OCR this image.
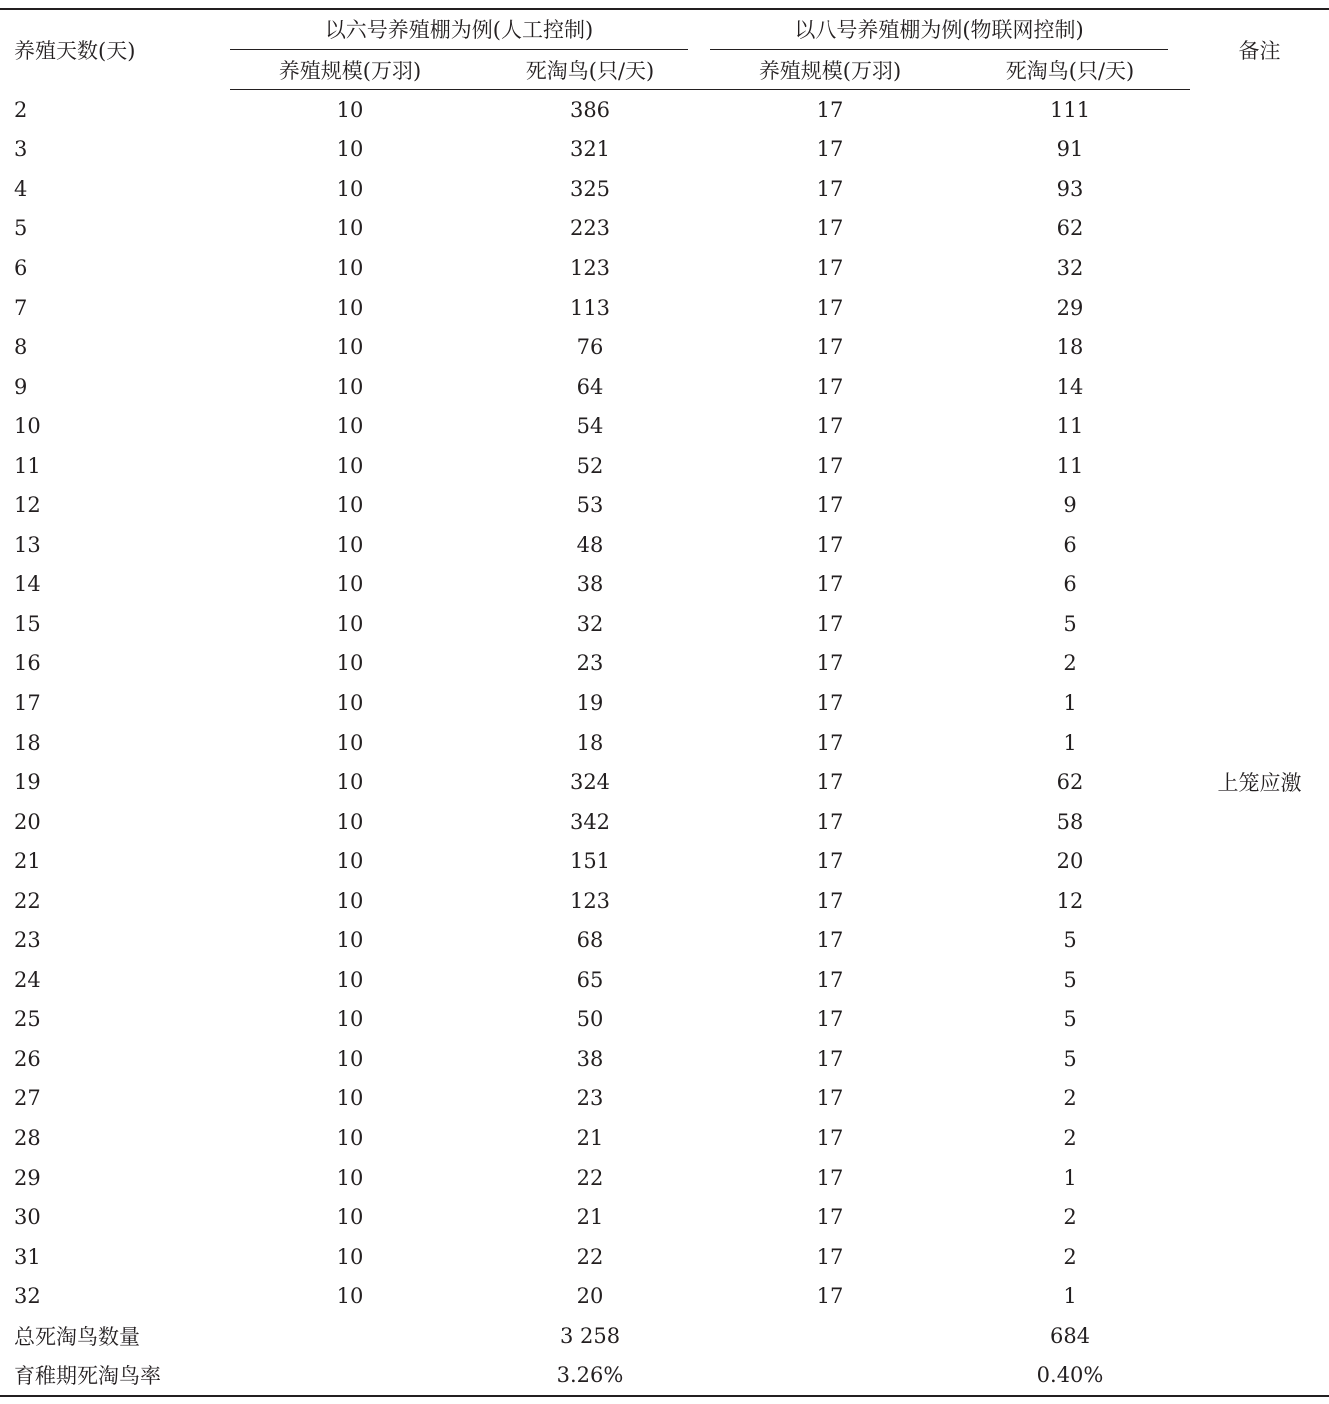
养殖天数(天)	以六号养殖棚为例(人工控制)		以八号养殖棚为例(物联网控制)		备注
	养殖规模(万羽)	死淘鸟(只/天)	养殖规模(万羽)	死淘鸟(只/天)	
2	10	386	17	111	
3	10	321	17	91	
4	10	325	17	93	
5	10	223	17	62	
6	10	123	17	32	
7	10	113	17	29	
8	10	76	17	18	
9	10	64	17	14	
10	10	54	17	11	
11	10	52	17	11	
12	10	53	17	9	
13	10	48	17	6	
14	10	38	17	6	
15	10	32	17	5	
16	10	23	17	2	
17	10	19	17	1	
18	10	18	17	1	
19	10	324	17	62	上笼应激
20	10	342	17	58	
21	10	151	17	20	
22	10	123	17	12	
23	10	68	17	5	
24	10	65	17	5	
25	10	50	17	5	
26	10	38	17	5	
27	10	23	17	2	
28	10	21	17	2	
29	10	22	17	1	
30	10	21	17	2	
31	10	22	17	2	
32	10	20	17	1	
总死淘鸟数量		3 258		684	
育稚期死淘鸟率		3.26%		0.40%	
